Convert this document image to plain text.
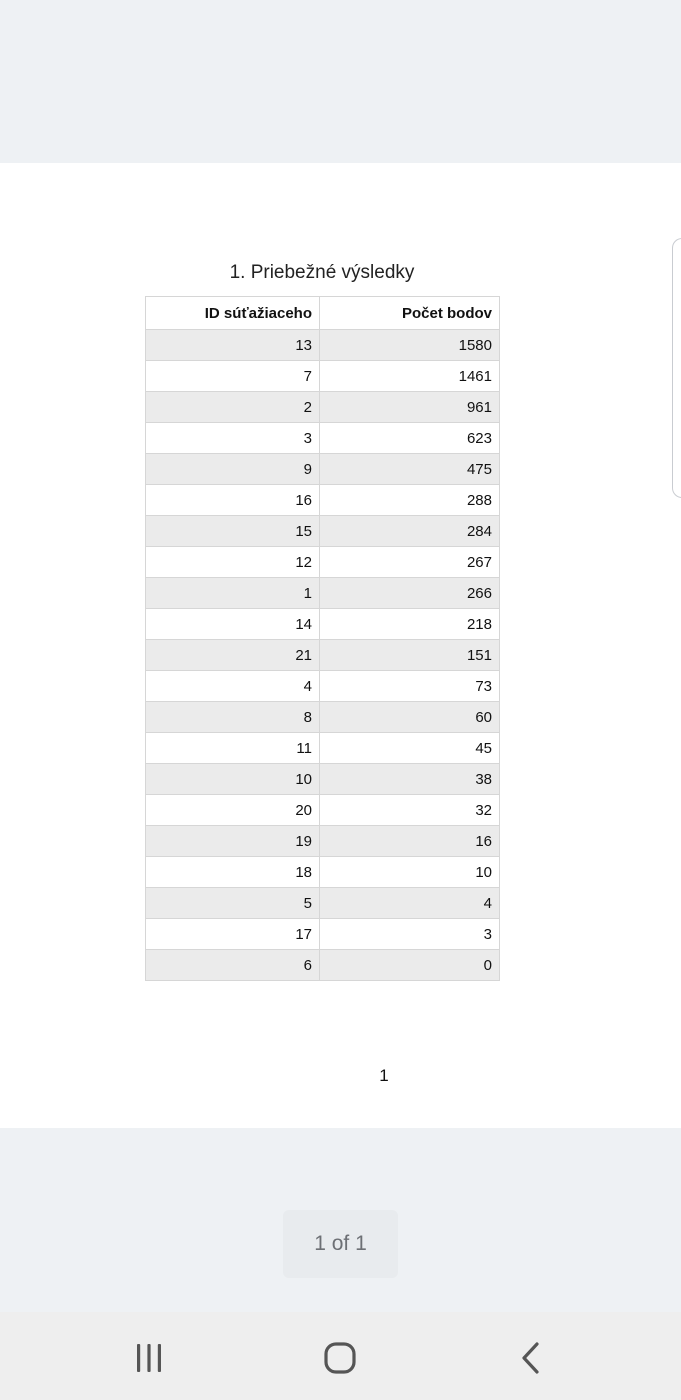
1. Priebežné výsledky
ID súťažiaceho	Počet bodov
13	1580
7	1461
2	961
3	623
9	475
16	288
15	284
12	267
1	266
14	218
21	151
4	73
8	60
11	45
10	38
20	32
19	16
18	10
5	4
17	3
6	0
1
1 of 1
